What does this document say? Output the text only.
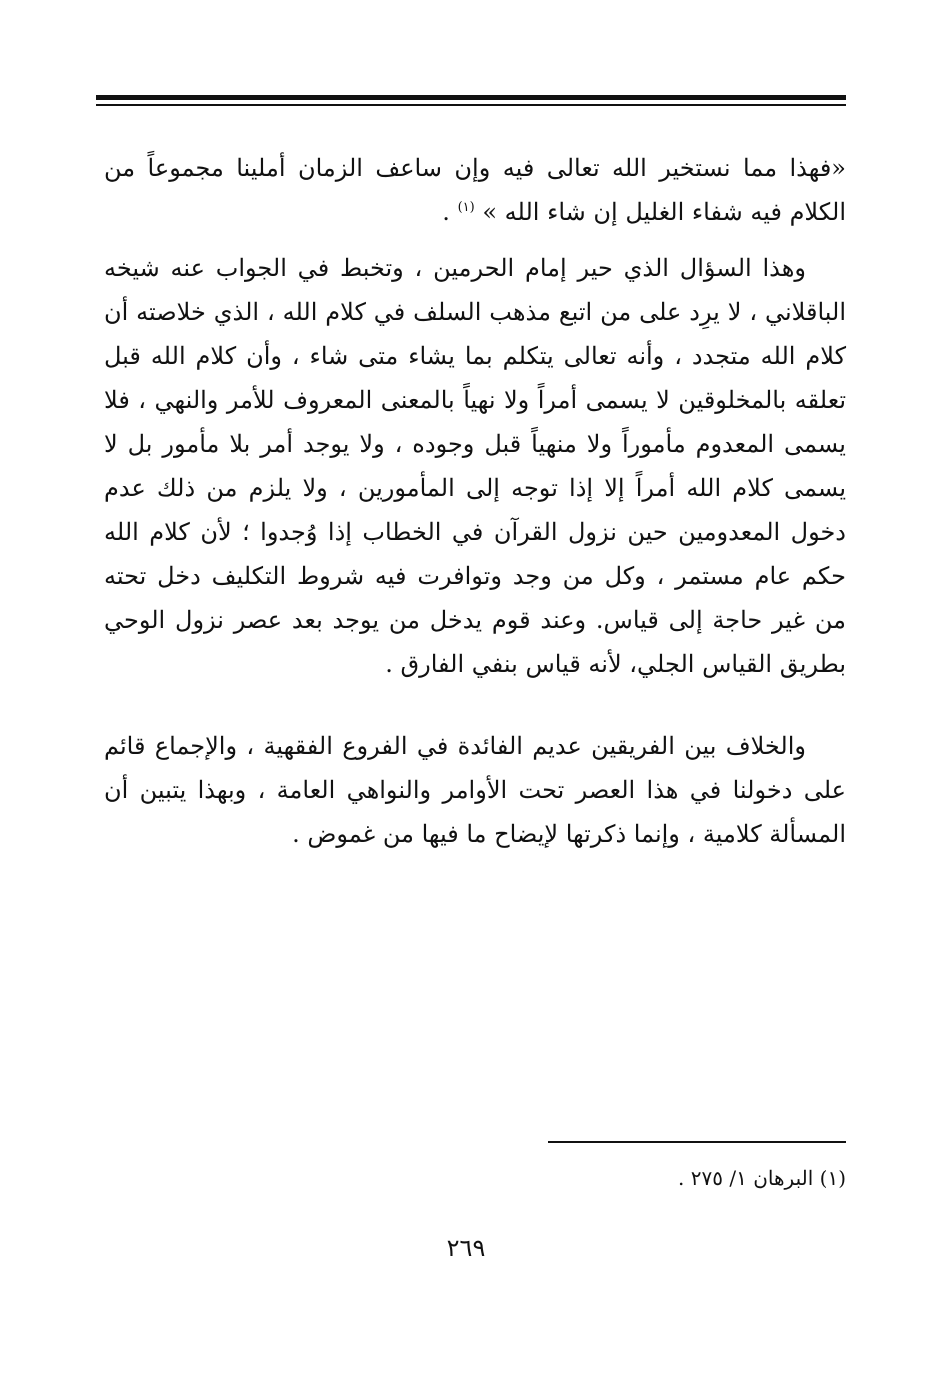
«فهذا مما نستخير الله تعالى فيه وإن ساعف الزمان أملينا مجموعاً من الكلام فيه شفاء الغليل إن شاء الله » $^{(١)}$ .
وهذا السؤال الذي حير إمام الحرمين ، وتخبط في الجواب عنه شيخه الباقلاني ، لا يرِد على من اتبع مذهب السلف في كلام الله ، الذي خلاصته أن كلام الله متجدد ، وأنه تعالى يتكلم بما يشاء متى شاء ، وأن كلام الله قبل تعلقه بالمخلوقين لا يسمى أمراً ولا نهياً بالمعنى المعروف للأمر والنهي ، فلا يسمى المعدوم مأموراً ولا منهياً قبل وجوده ، ولا يوجد أمر بلا مأمور بل لا يسمى كلام الله أمراً إلا إذا توجه إلى المأمورين ، ولا يلزم من ذلك عدم دخول المعدومين حين نزول القرآن في الخطاب إذا وُجدوا ؛ لأن كلام الله حكم عام مستمر ، وكل من وجد وتوافرت فيه شروط التكليف دخل تحته من غير حاجة إلى قياس. وعند قوم يدخل من يوجد بعد عصر نزول الوحي بطريق القياس الجلي، لأنه قياس بنفي الفارق .
والخلاف بين الفريقين عديم الفائدة في الفروع الفقهية ، والإجماع قائم على دخولنا في هذا العصر تحت الأوامر والنواهي العامة ، وبهذا يتبين أن المسألة كلامية ، وإنما ذكرتها لإيضاح ما فيها من غموض .
(١) البرهان ١/ ٢٧٥ .
٢٦٩
